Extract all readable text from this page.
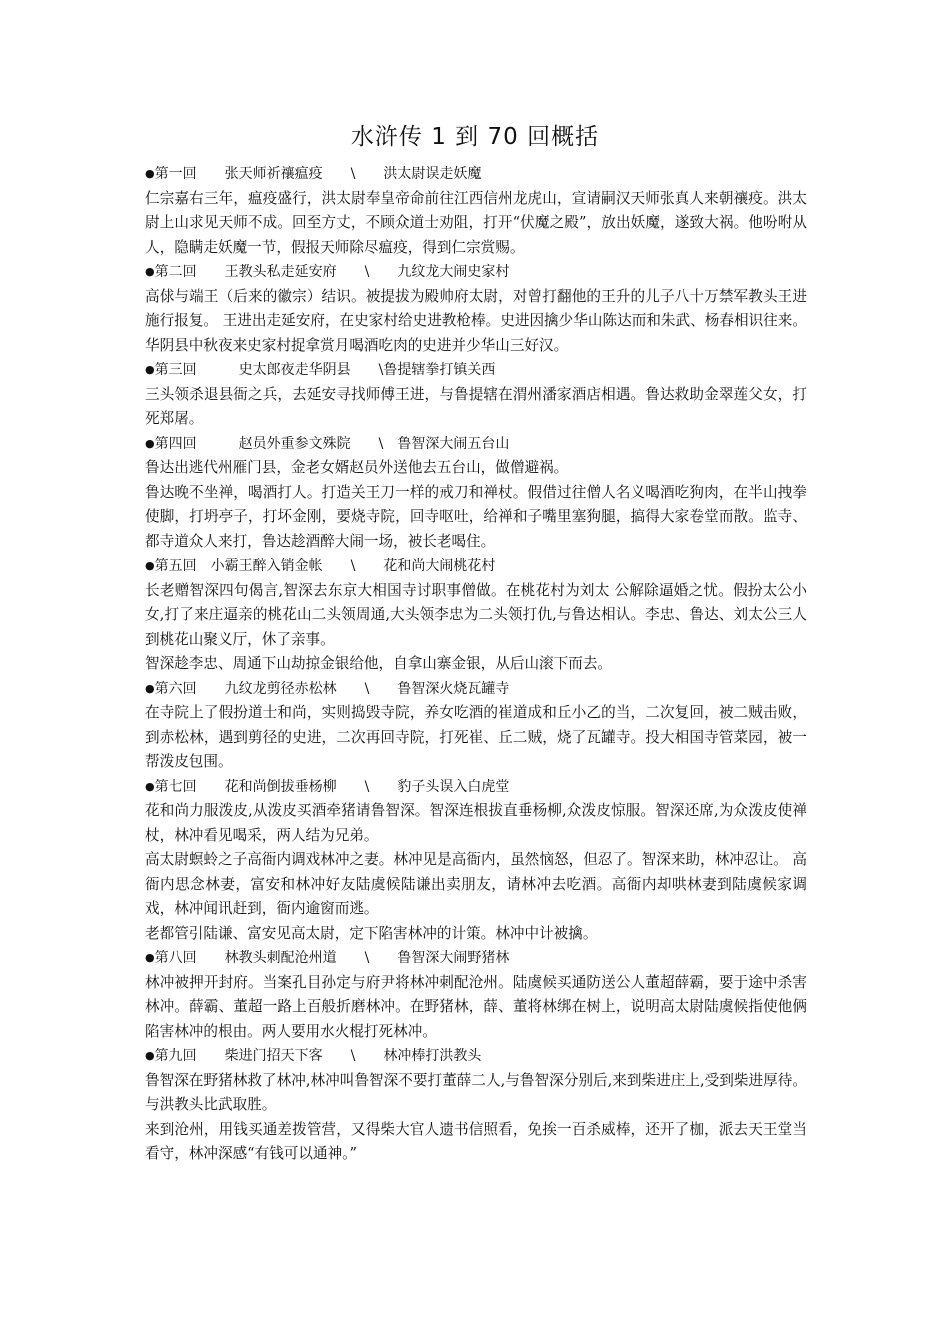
水浒传 1 到 70 回概括
●第一回　　张天师祈禳瘟疫　　\　　洪太尉误走妖魔

仁宗嘉右三年，瘟疫盛行，洪太尉奉皇帝命前往江西信州龙虎山，宣请嗣汉天师张真人来朝禳疫。洪太尉上山求见天师不成。回至方丈，不顾众道士劝阻，打开“伏魔之殿”，放出妖魔，遂致大祸。他吩咐从人，隐瞒走妖魔一节，假报天师除尽瘟疫，得到仁宗赏赐。

●第二回　　王教头私走延安府　　\　　九纹龙大闹史家村

高俅与端王（后来的徽宗）结识。被提拔为殿帅府太尉，对曾打翻他的王升的儿子八十万禁军教头王进施行报复。 王进出走延安府，在史家村给史进教枪棒。史进因擒少华山陈达而和朱武、杨春相识往来。华阴县中秋夜来史家村捉拿赏月喝酒吃肉的史进并少华山三好汉。

●第三回　　　史太郎夜走华阴县　　\鲁提辖拳打镇关西

三头领杀退县衙之兵，去延安寻找师傅王进，与鲁提辖在渭州潘家酒店相遇。鲁达救助金翠莲父女，打死郑屠。

●第四回　　　赵员外重参文殊院　　\　鲁智深大闹五台山

鲁达出逃代州雁门县，金老女婿赵员外送他去五台山，做僧避祸。

鲁达晚不坐禅，喝酒打人。打造关王刀一样的戒刀和禅杖。假借过往僧人名义喝酒吃狗肉，在半山拽拳使脚，打坍亭子，打坏金刚，要烧寺院，回寺呕吐，给禅和子嘴里塞狗腿，搞得大家卷堂而散。监寺、都寺道众人来打，鲁达趁酒醉大闹一场，被长老喝住。

●第五回　小霸王醉入销金帐　　\　　花和尚大闹桃花村

长老赠智深四句偈言,智深去东京大相国寺讨职事僧做。在桃花村为刘太 公解除逼婚之忧。假扮太公小女,打了来庄逼亲的桃花山二头领周通,大头领李忠为二头领打仇,与鲁达相认。李忠、鲁达、刘太公三人到桃花山聚义厅，休了亲事。

智深趁李忠、周通下山劫掠金银给他，自拿山寨金银，从后山滚下而去。

●第六回　　九纹龙剪径赤松林　　\　　鲁智深火烧瓦罐寺

在寺院上了假扮道士和尚，实则捣毁寺院，养女吃酒的崔道成和丘小乙的当，二次复回，被二贼击败，到赤松林，遇到剪径的史进，二次再回寺院，打死崔、丘二贼，烧了瓦罐寺。投大相国寺管菜园，被一帮泼皮包围。

●第七回　　花和尚倒拔垂杨柳　　\　　豹子头误入白虎堂

花和尚力服泼皮,从泼皮买酒牵猪请鲁智深。智深连根拔直垂杨柳,众泼皮惊服。智深还席,为众泼皮使禅杖，林冲看见喝采，两人结为兄弟。

高太尉螟蛉之子高衙内调戏林冲之妻。林冲见是高衙内，虽然恼怒，但忍了。智深来助，林冲忍让。 高衙内思念林妻，富安和林冲好友陆虞候陆谦出卖朋友，请林冲去吃酒。高衙内却哄林妻到陆虞候家调戏，林冲闻讯赶到，衙内逾窗而逃。

老都管引陆谦、富安见高太尉，定下陷害林冲的计策。林冲中计被擒。

●第八回　　林教头刺配沧州道　　\　　鲁智深大闹野猪林

林冲被押开封府。当案孔目孙定与府尹将林冲刺配沧州。陆虞候买通防送公人董超薛霸，要于途中杀害林冲。薛霸、董超一路上百般折磨林冲。在野猪林，薛、董将林绑在树上，说明高太尉陆虞候指使他俩陷害林冲的根由。两人要用水火棍打死林冲。

●第九回　　柴进门招天下客　　\　　林冲棒打洪教头

鲁智深在野猪林救了林冲,林冲叫鲁智深不要打董薛二人,与鲁智深分别后,来到柴进庄上,受到柴进厚待。与洪教头比武取胜。

来到沧州，用钱买通差拨管营，又得柴大官人遗书信照看，免挨一百杀威棒，还开了枷，派去天王堂当看守，林冲深感“有钱可以通神。”
